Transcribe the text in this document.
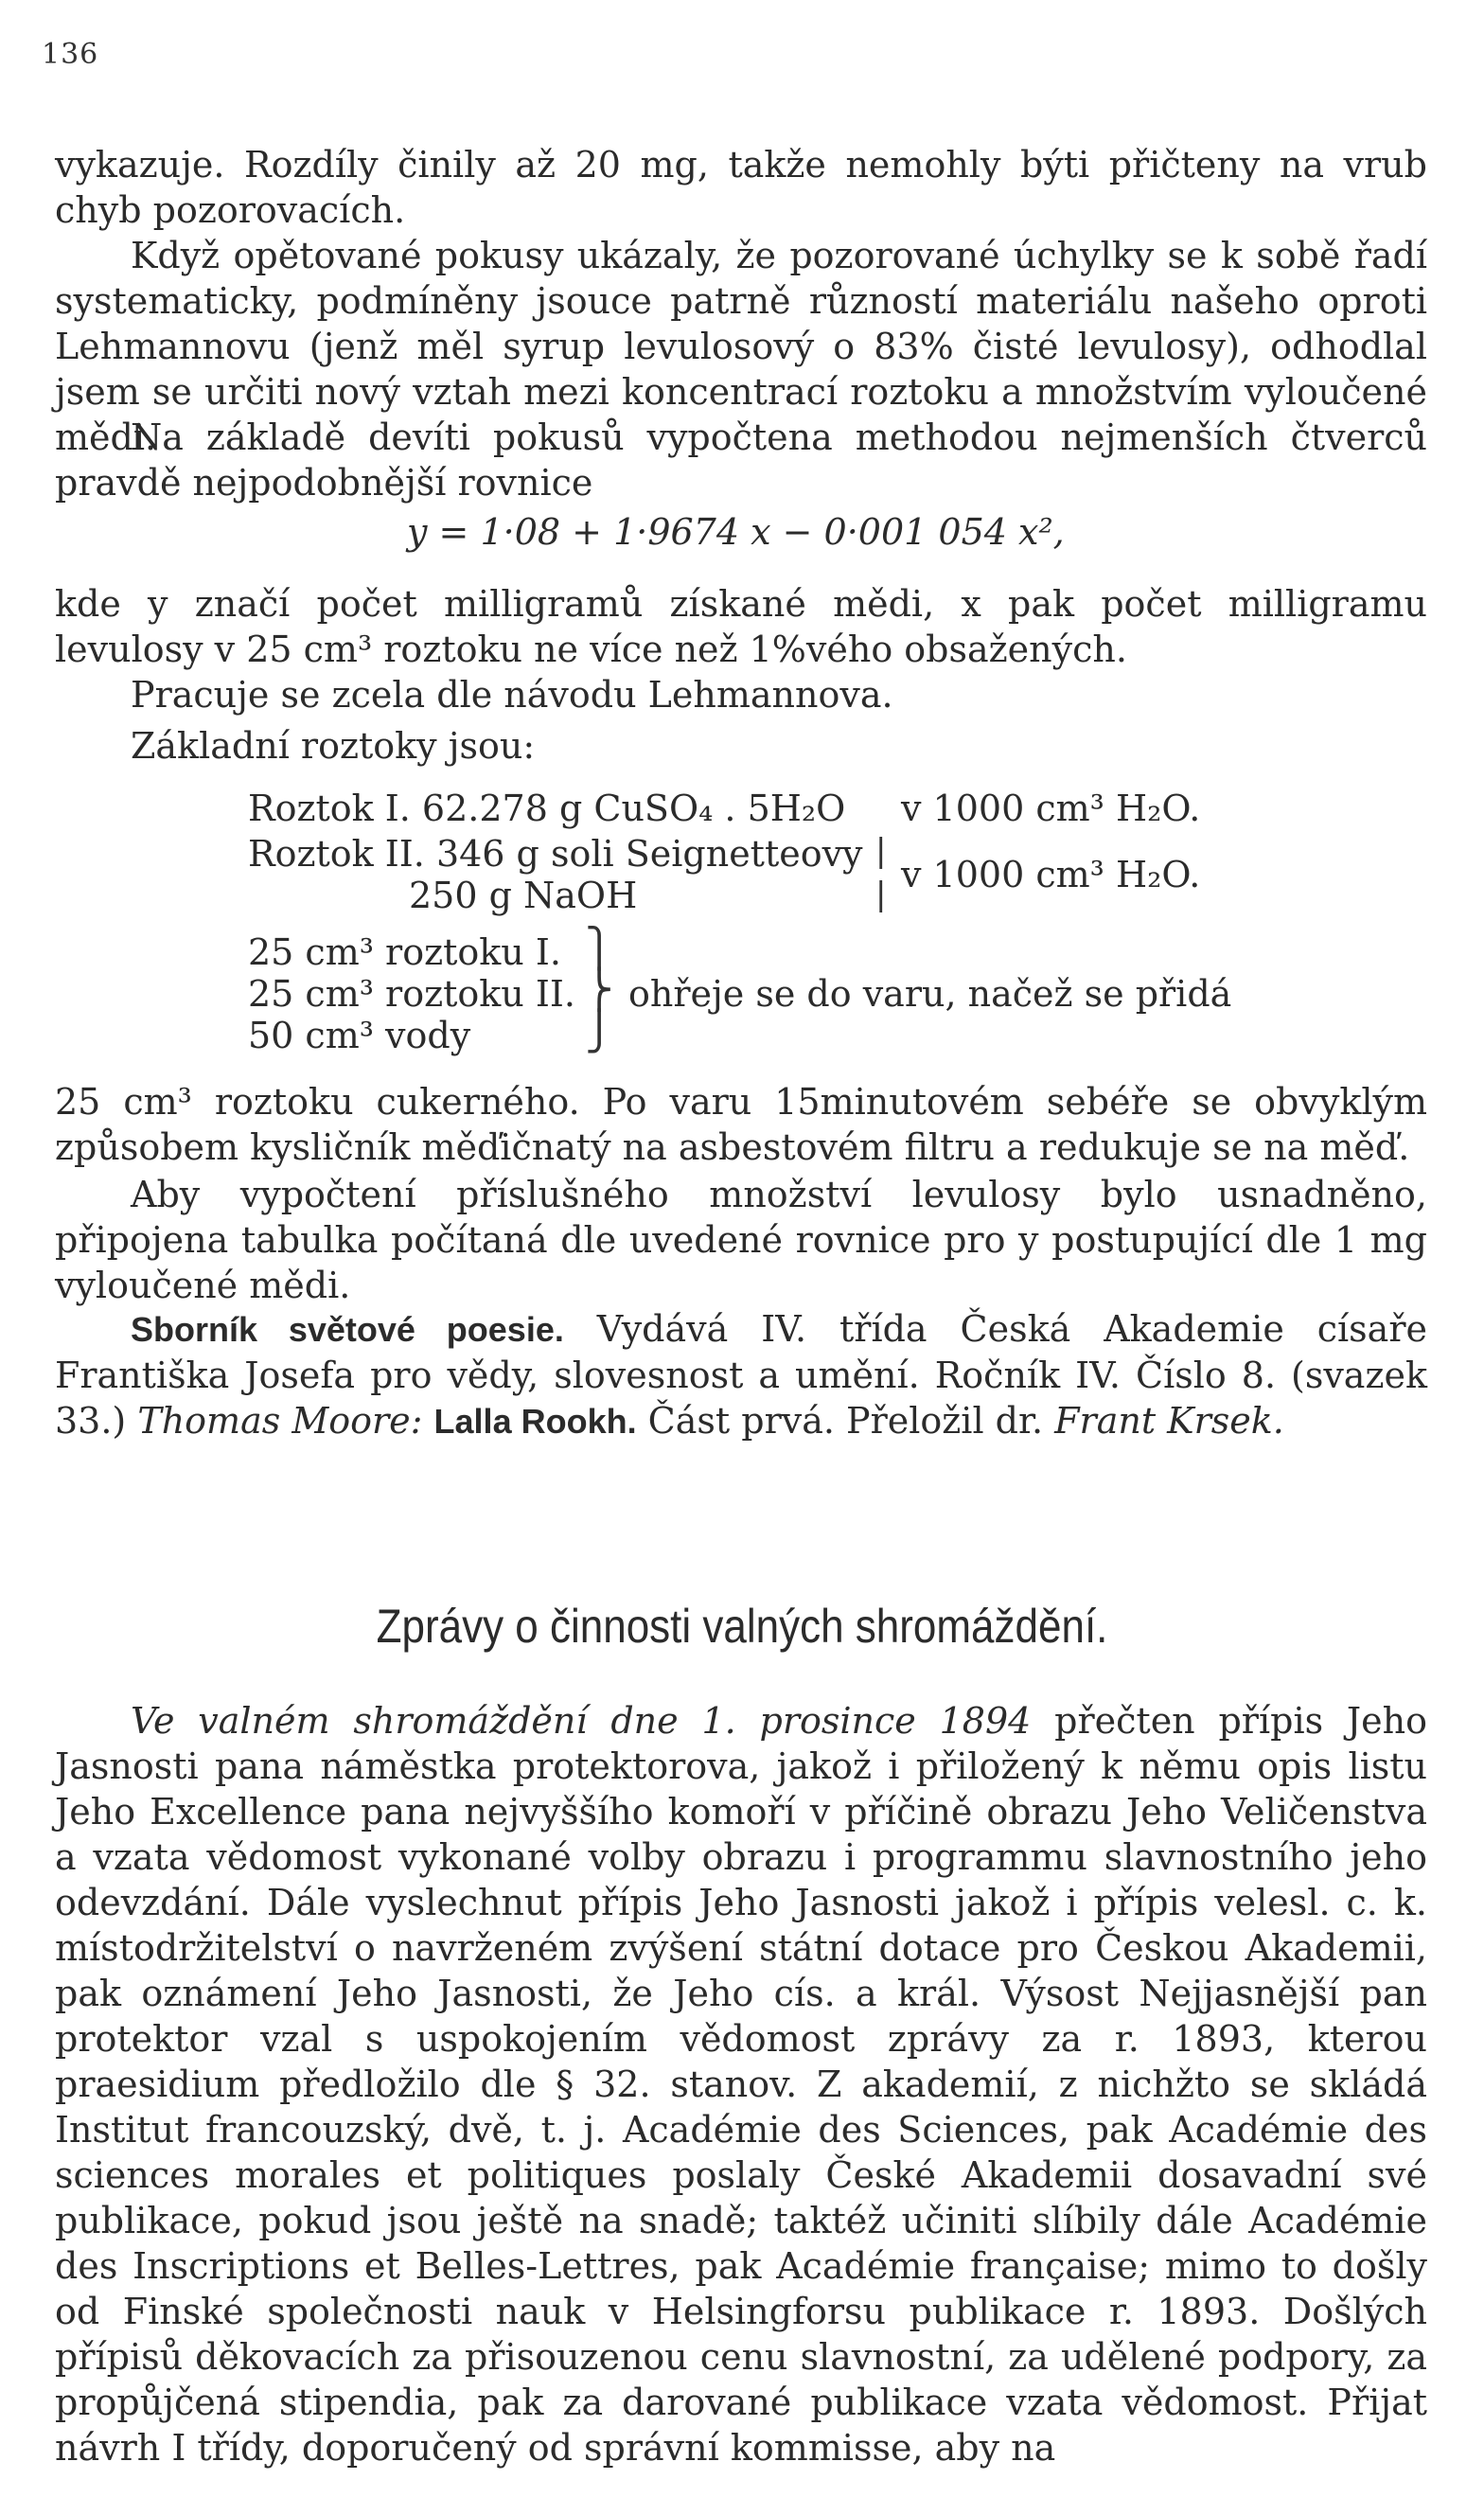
136

vykazuje. Rozdíly činily až 20 mg, takže nemohly býti přičteny na vrub chyb pozorovacích.

Když opětované pokusy ukázaly, že pozorované úchylky se k sobě řadí systematicky, podmíněny jsouce patrně růzností materiálu našeho oproti Lehmannovu (jenž měl syrup levulosový o 83% čisté levulosy), odhodlal jsem se určiti nový vztah mezi koncentrací roztoku a množstvím vyloučené mědi.

Na základě devíti pokusů vypočtena methodou nejmenších čtverců pravdě nejpodobnější rovnice

y = 1·08 + 1·9674 x − 0·001 054 x²,

kde y značí počet milligramů získané mědi, x pak počet milligramu levulosy v 25 cm³ roztoku ne více než 1%vého obsažených.

Pracuje se zcela dle návodu Lehmannova.

Základní roztoky jsou:

Roztok I. 62.278 g CuSO₄ . 5H₂O v 1000 cm³ H₂O.
Roztok II. 346 g soli Seignetteovy
250 g NaOH
|
| v 1000 cm³ H₂O.
25 cm³ roztoku I.
25 cm³ roztoku II.
50 cm³ vody
⎫
⎬
⎭
ohřeje se do varu, načež se přidá

25 cm³ roztoku cukerného. Po varu 15minutovém sebéře se obvyklým způsobem kysličník měďičnatý na asbestovém filtru a redukuje se na měď.

Aby vypočtení příslušného množství levulosy bylo usnadněno, připojena tabulka počítaná dle uvedené rovnice pro y postupující dle 1 mg vyloučené mědi.

Sborník světové poesie. Vydává IV. třída Česká Akademie císaře Františka Josefa pro vědy, slovesnost a umění. Ročník IV. Číslo 8. (svazek 33.) Thomas Moore: Lalla Rookh. Část prvá. Přeložil dr. Frant Krsek.

Zprávy o činnosti valných shromáždění.

Ve valném shromáždění dne 1. prosince 1894 přečten přípis Jeho Jasnosti pana náměstka protektorova, jakož i přiložený k němu opis listu Jeho Excellence pana nejvyššího komoří v příčině obrazu Jeho Veličenstva a vzata vědomost vykonané volby obrazu i programmu slavnostního jeho odevzdání. Dále vyslechnut přípis Jeho Jasnosti jakož i přípis velesl. c. k. místodržitelství o navrženém zvýšení státní dotace pro Českou Akademii, pak oznámení Jeho Jasnosti, že Jeho cís. a král. Výsost Nejjasnější pan protektor vzal s uspokojením vědomost zprávy za r. 1893, kterou praesidium předložilo dle § 32. stanov. Z akademií, z nichžto se skládá Institut francouzský, dvě, t. j. Académie des Sciences, pak Académie des sciences morales et politiques poslaly České Akademii dosavadní své publikace, pokud jsou ještě na snadě; taktéž učiniti slíbily dále Académie des Inscriptions et Belles-Lettres, pak Académie française; mimo to došly od Finské společnosti nauk v Helsingforsu publikace r. 1893. Došlých přípisů děkovacích za přisouzenou cenu slavnostní, za udělené podpory, za propůjčená stipendia, pak za darované publikace vzata vědomost. Přijat návrh I třídy, doporučený od správní kommisse, aby na
